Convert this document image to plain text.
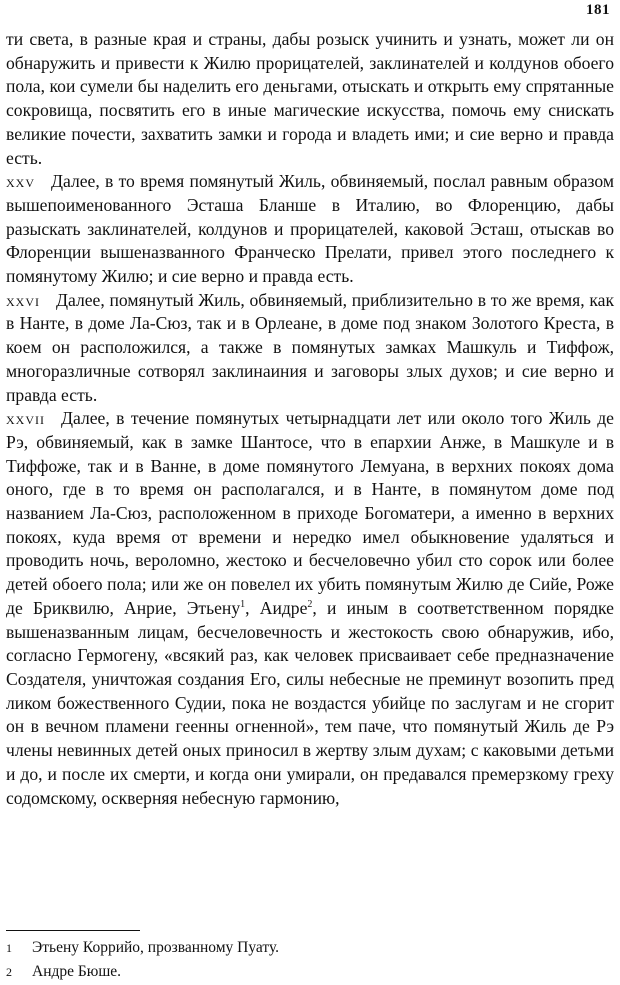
181

ти света, в разные края и страны, дабы розыск учинить и узнать, может ли он обнаружить и привести к Жилю прорицателей, заклинателей и колдунов обоего пола, кои сумели бы наделить его деньгами, отыскать и открыть ему спрятанные сокровища, посвятить его в иные магические искусства, помочь ему снискать великие почести, захватить замки и города и владеть ими; и сие верно и правда есть.

xxv Далее, в то время помянутый Жиль, обвиняемый, послал равным образом вышепоименованного Эсташа Бланше в Италию, во Флоренцию, дабы разыскать заклинателей, колдунов и прорицателей, каковой Эсташ, отыскав во Флоренции вышеназванного Франческо Прелати, привел этого последнего к помянутому Жилю; и сие верно и правда есть.

xxvi Далее, помянутый Жиль, обвиняемый, приблизительно в то же время, как в Нанте, в доме Ла-Сюз, так и в Орлеане, в доме под знаком Золотого Креста, в коем он расположился, а также в помянутых замках Машкуль и Тиффож, многоразличные сотворял заклинаиния и заговоры злых духов; и сие верно и правда есть.

xxvii Далее, в течение помянутых четырнадцати лет или около того Жиль де Рэ, обвиняемый, как в замке Шантосе, что в епархии Анже, в Машкуле и в Тиффоже, так и в Ванне, в доме помянутого Лемуана, в верхних покоях дома оного, где в то время он располагался, и в Нанте, в помянутом доме под названием Ла-Сюз, расположенном в приходе Богоматери, а именно в верхних покоях, куда время от времени и нередко имел обыкновение удаляться и проводить ночь, вероломно, жестоко и бесчеловечно убил сто сорок или более детей обоего пола; или же он повелел их убить помянутым Жилю де Сийе, Роже де Бриквилю, Анрие, Этьену$^1$, Аидре$^2$, и иным в соответственном порядке вышеназванным лицам, бесчеловечность и жестокость свою обнаружив, ибо, согласно Гермогену, «всякий раз, как человек присваивает себе предназначение Создателя, уничтожая создания Его, силы небесные не преминут возопить пред ликом божественного Судии, пока не воздастся убийце по заслугам и не сгорит он в вечном пламени геенны огненной», тем паче, что помянутый Жиль де Рэ члены невинных детей оных приносил в жертву злым духам; с каковыми детьми и до, и после их смерти, и когда они умирали, он предавался премерзкому греху содомскому, оскверняя небесную гармонию,

1 Этьену Коррийо, прозванному Пуату.
2 Андре Бюше.
